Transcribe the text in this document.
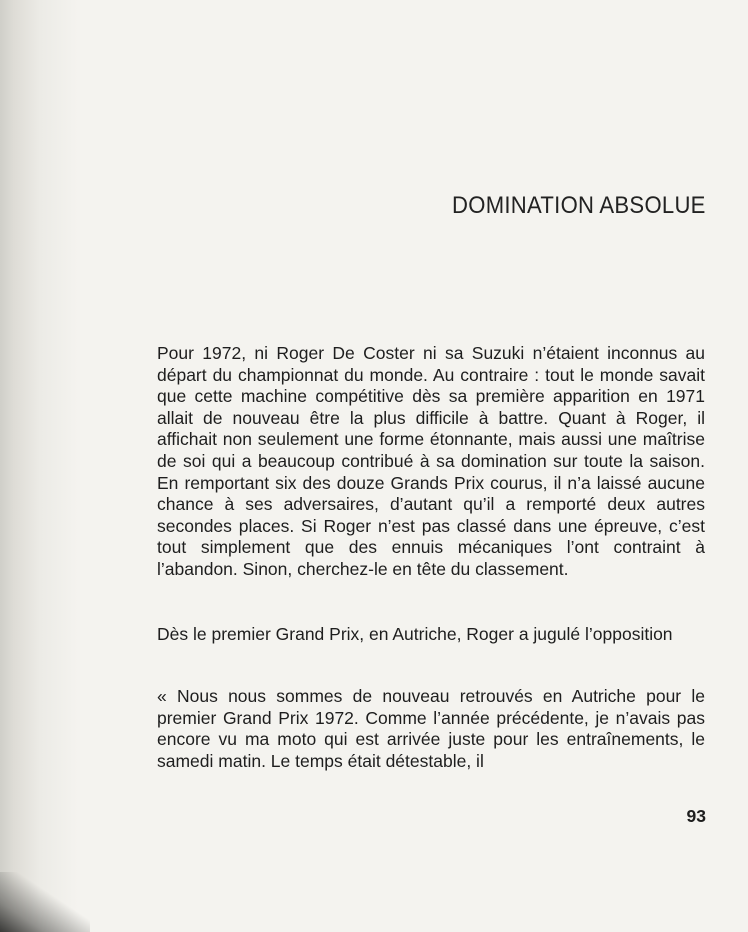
DOMINATION ABSOLUE

Pour 1972, ni Roger De Coster ni sa Suzuki n’étaient inconnus au départ du championnat du monde. Au contraire : tout le monde savait que cette machine compétitive dès sa première apparition en 1971 allait de nouveau être la plus difficile à battre. Quant à Roger, il affichait non seulement une forme étonnante, mais aussi une maîtrise de soi qui a beaucoup contribué à sa domination sur toute la saison. En remportant six des douze Grands Prix courus, il n’a laissé aucune chance à ses adversaires, d’autant qu’il a remporté deux autres secondes places. Si Roger n’est pas classé dans une épreuve, c’est tout simplement que des ennuis mécaniques l’ont contraint à l’abandon. Sinon, cherchez-le en tête du classement.

Dès le premier Grand Prix, en Autriche, Roger a jugulé l’opposition

« Nous nous sommes de nouveau retrouvés en Autriche pour le premier Grand Prix 1972. Comme l’année précédente, je n’avais pas encore vu ma moto qui est arrivée juste pour les entraînements, le samedi matin. Le temps était détestable, il

93
